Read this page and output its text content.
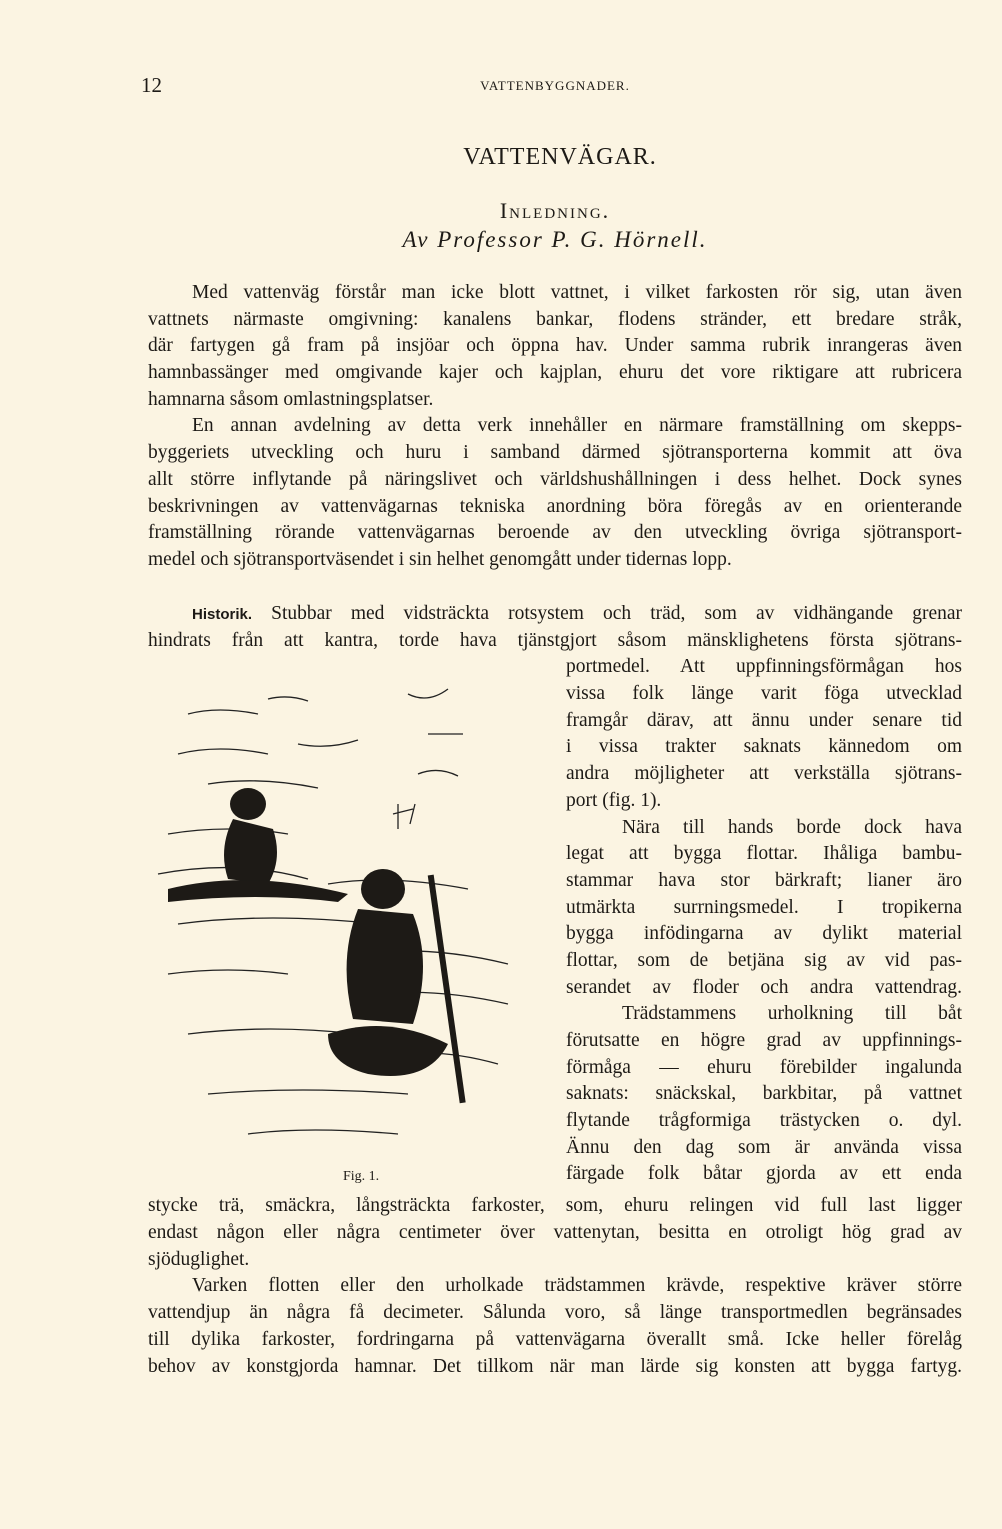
12	VATTENBYGGNADER.
VATTENVÄGAR.
Inledning.
Av Professor P. G. Hörnell.
Med vattenväg förstår man icke blott vattnet, i vilket farkosten rör sig, utan även
vattnets närmaste omgivning: kanalens bankar, flodens stränder, ett bredare stråk,
där fartygen gå fram på insjöar och öppna hav. Under samma rubrik inrangeras även
hamnbassänger med omgivande kajer och kajplan, ehuru det vore riktigare att rubricera
hamnarna såsom omlastningsplatser.
En annan avdelning av detta verk innehåller en närmare framställning om skepps-
byggeriets utveckling och huru i samband därmed sjötransporterna kommit att öva
allt större inflytande på näringslivet och världshushållningen i dess helhet. Dock synes
beskrivningen av vattenvägarnas tekniska anordning böra föregås av en orienterande
framställning rörande vattenvägarnas beroende av den utveckling övriga sjötransport-
medel och sjötransportväsendet i sin helhet genomgått under tidernas lopp.
Historik. Stubbar med vidsträckta rotsystem och träd, som av vidhängande grenar
hindrats från att kantra, torde hava tjänstgjort såsom mänsklighetens första sjötrans-
Fig. 1.
portmedel. Att uppfinningsförmågan hos
vissa folk länge varit föga utvecklad
framgår därav, att ännu under senare tid
i vissa trakter saknats kännedom om
andra möjligheter att verkställa sjötrans-
port (fig. 1).
Nära till hands borde dock hava
legat att bygga flottar. Ihåliga bambu-
stammar hava stor bärkraft; lianer äro
utmärkta surrningsmedel. I tropikerna
bygga infödingarna av dylikt material
flottar, som de betjäna sig av vid pas-
serandet av floder och andra vattendrag.
Trädstammens urholkning till båt
förutsatte en högre grad av uppfinnings-
förmåga — ehuru förebilder ingalunda
saknats: snäckskal, barkbitar, på vattnet
flytande trågformiga trästycken o. dyl.
Ännu den dag som är använda vissa
färgade folk båtar gjorda av ett enda
stycke trä, smäckra, långsträckta farkoster, som, ehuru relingen vid full last ligger
endast någon eller några centimeter över vattenytan, besitta en otroligt hög grad av
sjöduglighet.
Varken flotten eller den urholkade trädstammen krävde, respektive kräver större
vattendjup än några få decimeter. Sålunda voro, så länge transportmedlen begränsades
till dylika farkoster, fordringarna på vattenvägarna överallt små. Icke heller förelåg
behov av konstgjorda hamnar. Det tillkom när man lärde sig konsten att bygga fartyg.
